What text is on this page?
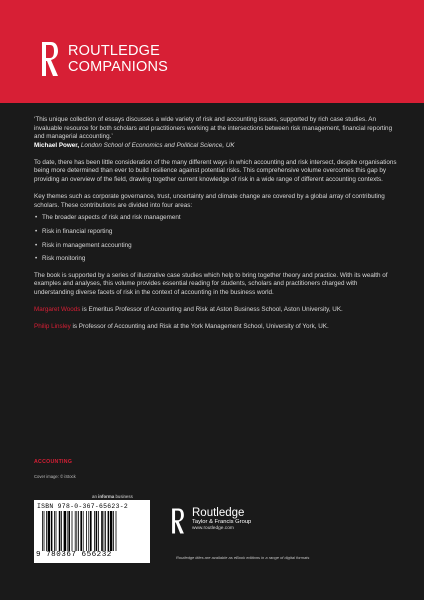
ROUTLEDGE
COMPANIONS

‘This unique collection of essays discusses a wide variety of risk and accounting issues, supported by rich case studies. An invaluable resource for both scholars and practitioners working at the intersections between risk management, financial reporting and managerial accounting.’
Michael Power, London School of Economics and Political Science, UK

To date, there has been little consideration of the many different ways in which accounting and risk intersect, despite organisations being more determined than ever to build resilience against potential risks. This comprehensive volume overcomes this gap by providing an overview of the field, drawing together current knowledge of risk in a wide range of different accounting contexts.

Key themes such as corporate governance, trust, uncertainty and climate change are covered by a global array of contributing scholars. These contributions are divided into four areas:

• The broader aspects of risk and risk management
• Risk in financial reporting
• Risk in management accounting
• Risk monitoring

The book is supported by a series of illustrative case studies which help to bring together theory and practice. With its wealth of examples and analyses, this volume provides essential reading for students, scholars and practitioners charged with understanding diverse facets of risk in the context of accounting in the business world.

Margaret Woods is Emeritus Professor of Accounting and Risk at Aston Business School, Aston University, UK.

Philip Linsley is Professor of Accounting and Risk at the York Management School, University of York, UK.

ACCOUNTING
Cover image: © iStock
an informa business
ISBN 978-0-367-65623-2
9 780367 656232
Routledge
Taylor & Francis Group
www.routledge.com
Routledge titles are available as eBook editions in a range of digital formats
